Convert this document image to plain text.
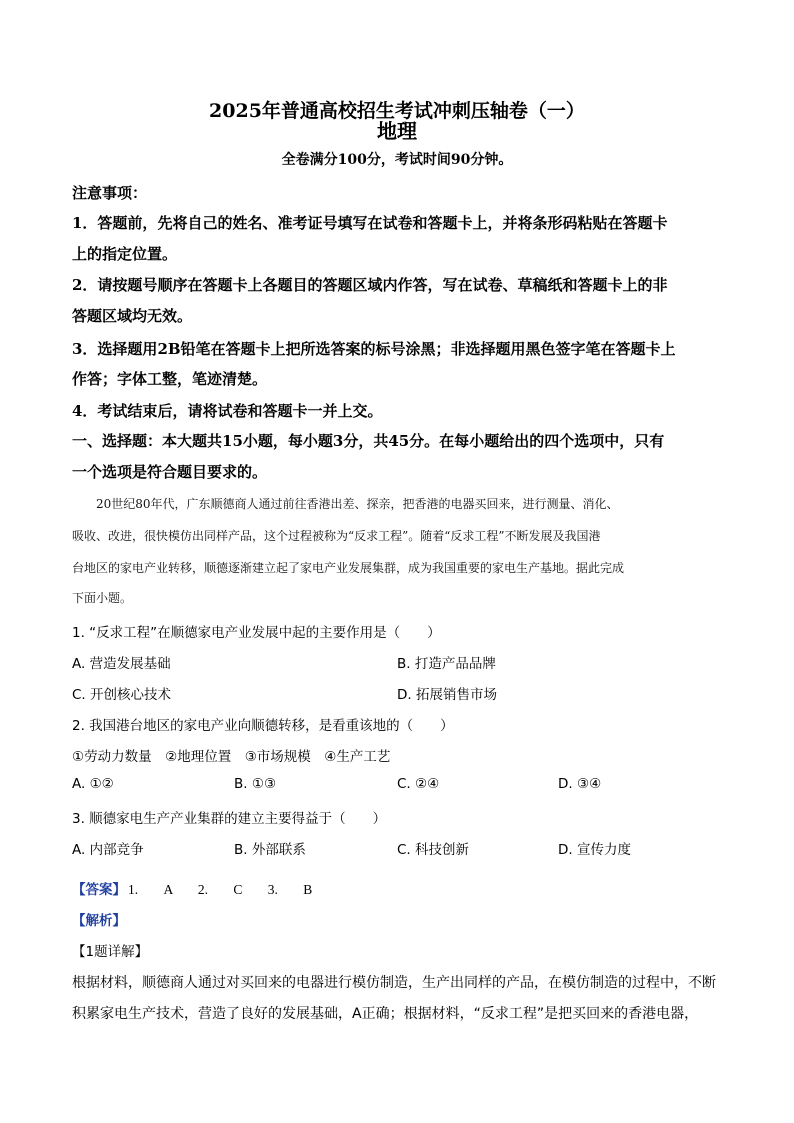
2025年普通高校招生考试冲刺压轴卷（一）
地理
全卷满分100分，考试时间90分钟。
注意事项：
1．答题前，先将自己的姓名、准考证号填写在试卷和答题卡上，并将条形码粘贴在答题卡
上的指定位置。
2．请按题号顺序在答题卡上各题目的答题区域内作答，写在试卷、草稿纸和答题卡上的非
答题区域均无效。
3．选择题用2B铅笔在答题卡上把所选答案的标号涂黑；非选择题用黑色签字笔在答题卡上
作答；字体工整，笔迹清楚。
4．考试结束后，请将试卷和答题卡一并上交。
一、选择题：本大题共15小题，每小题3分，共45分。在每小题给出的四个选项中，只有
一个选项是符合题目要求的。
　　20世纪80年代，广东顺德商人通过前往香港出差、探亲，把香港的电器买回来，进行测量、消化、
吸收、改进，很快模仿出同样产品，这个过程被称为“反求工程”。随着“反求工程”不断发展及我国港
台地区的家电产业转移，顺德逐渐建立起了家电产业发展集群，成为我国重要的家电生产基地。据此完成
下面小题。
1. “反求工程”在顺德家电产业发展中起的主要作用是（　　）
A. 营造发展基础	B. 打造产品品牌
C. 开创核心技术	D. 拓展销售市场
2. 我国港台地区的家电产业向顺德转移，是看重该地的（　　）
①劳动力数量　②地理位置　③市场规模　④生产工艺
A. ①②	B. ①③	C. ②④	D. ③④
3. 顺德家电生产产业集群的建立主要得益于（　　）
A. 内部竞争	B. 外部联系	C. 科技创新	D. 宣传力度
【答案】 1. A 2. C 3. B
【解析】
【1题详解】
根据材料，顺德商人通过对买回来的电器进行模仿制造，生产出同样的产品，在模仿制造的过程中，不断
积累家电生产技术，营造了良好的发展基础，A正确；根据材料，“反求工程”是把买回来的香港电器，
